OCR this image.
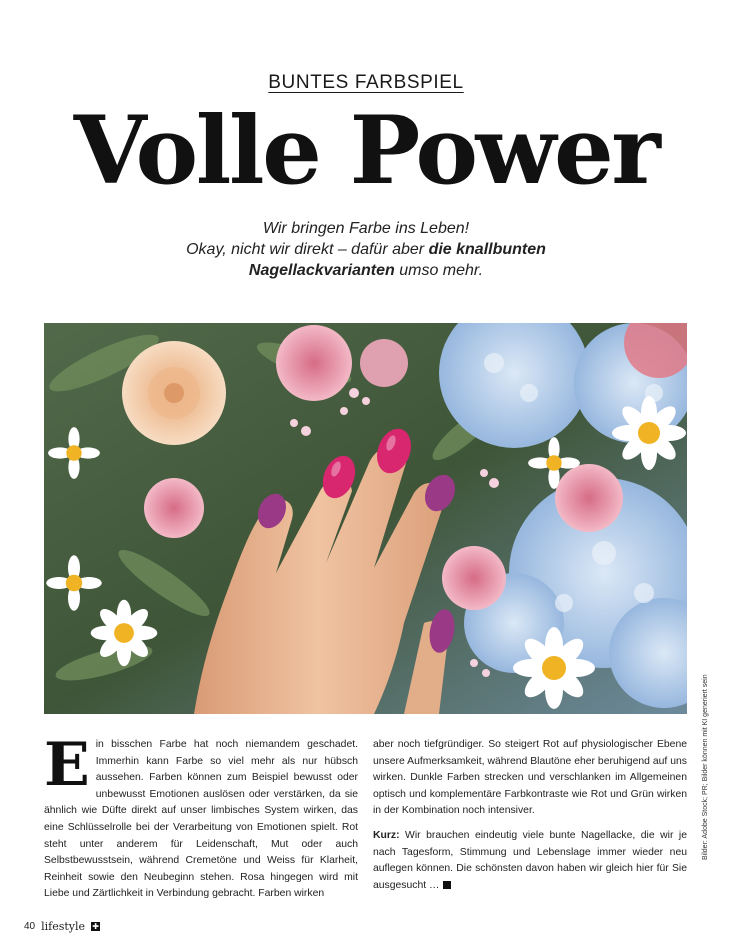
BUNTES FARBSPIEL
Volle Power
Wir bringen Farbe ins Leben!
Okay, nicht wir direkt – dafür aber die knallbunten
Nagellackvarianten umso mehr.
Bilder: Adobe Stock; PR; Bilder können mit KI generiert sein
Ein bisschen Farbe hat noch niemandem geschadet. Immerhin kann Farbe so viel mehr als nur hübsch aussehen. Farben können zum Beispiel bewusst oder unbewusst Emotionen auslösen oder verstärken, da sie ähnlich wie Düfte direkt auf unser limbisches System wirken, das eine Schlüsselrolle bei der Verarbeitung von Emotionen spielt. Rot steht unter anderem für Leidenschaft, Mut oder auch Selbstbewusstsein, während Cremetöne und Weiss für Klarheit, Reinheit sowie den Neubeginn stehen. Rosa hingegen wird mit Liebe und Zärtlichkeit in Verbindung gebracht. Farben wirken

aber noch tiefgründiger. So steigert Rot auf physiologischer Ebene unsere Aufmerksamkeit, während Blautöne eher beruhigend auf uns wirken. Dunkle Farben strecken und verschlanken im Allgemeinen optisch und komplementäre Farbkontraste wie Rot und Grün wirken in der Kombination noch intensiver.

Kurz: Wir brauchen eindeutig viele bunte Nagellacke, die wir je nach Tagesform, Stimmung und Lebenslage immer wieder neu auflegen können. Die schönsten davon haben wir gleich hier für Sie ausgesucht …

40 lifestyle ✚
